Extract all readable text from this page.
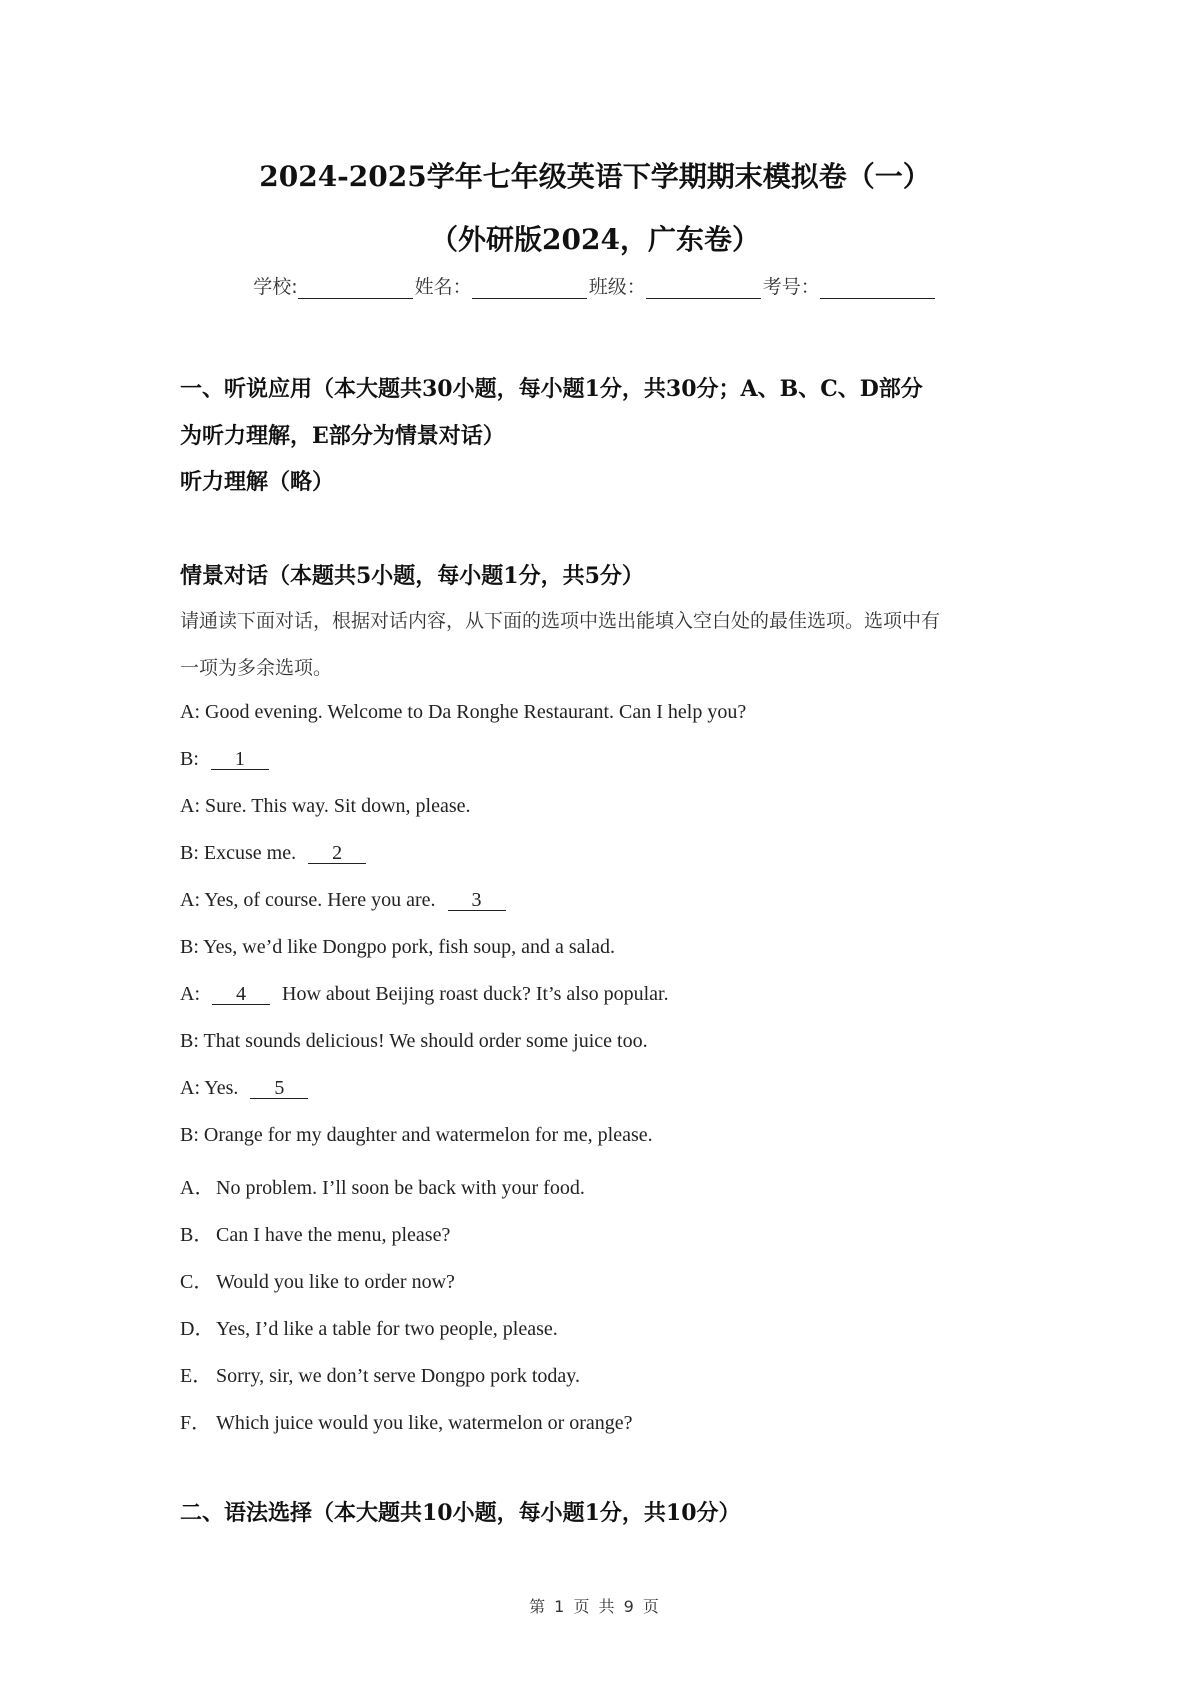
2024-2025学年七年级英语下学期期末模拟卷（一）
（外研版2024，广东卷）
学校:	姓名：	班级：	考号：
一、听说应用（本大题共30小题，每小题1分，共30分；A、B、C、D部分
为听力理解，E部分为情景对话）
听力理解（略）
情景对话（本题共5小题，每小题1分，共5分）
请通读下面对话，根据对话内容，从下面的选项中选出能填入空白处的最佳选项。选项中有
一项为多余选项。
A: Good evening. Welcome to Da Ronghe Restaurant. Can I help you?
B: 1
A: Sure. This way. Sit down, please.
B: Excuse me. 2
A: Yes, of course. Here you are. 3
B: Yes, we’d like Dongpo pork, fish soup, and a salad.
A: 4 How about Beijing roast duck? It’s also popular.
B: That sounds delicious! We should order some juice too.
A: Yes. 5
B: Orange for my daughter and watermelon for me, please.
A．No problem. I’ll soon be back with your food.
B． Can I have the menu, please?
C． Would you like to order now?
D．Yes, I’d like a table for two people, please.
E． Sorry, sir, we don’t serve Dongpo pork today.
F． Which juice would you like, watermelon or orange?
二、语法选择（本大题共10小题，每小题1分，共10分）
第 1 页 共 9 页
